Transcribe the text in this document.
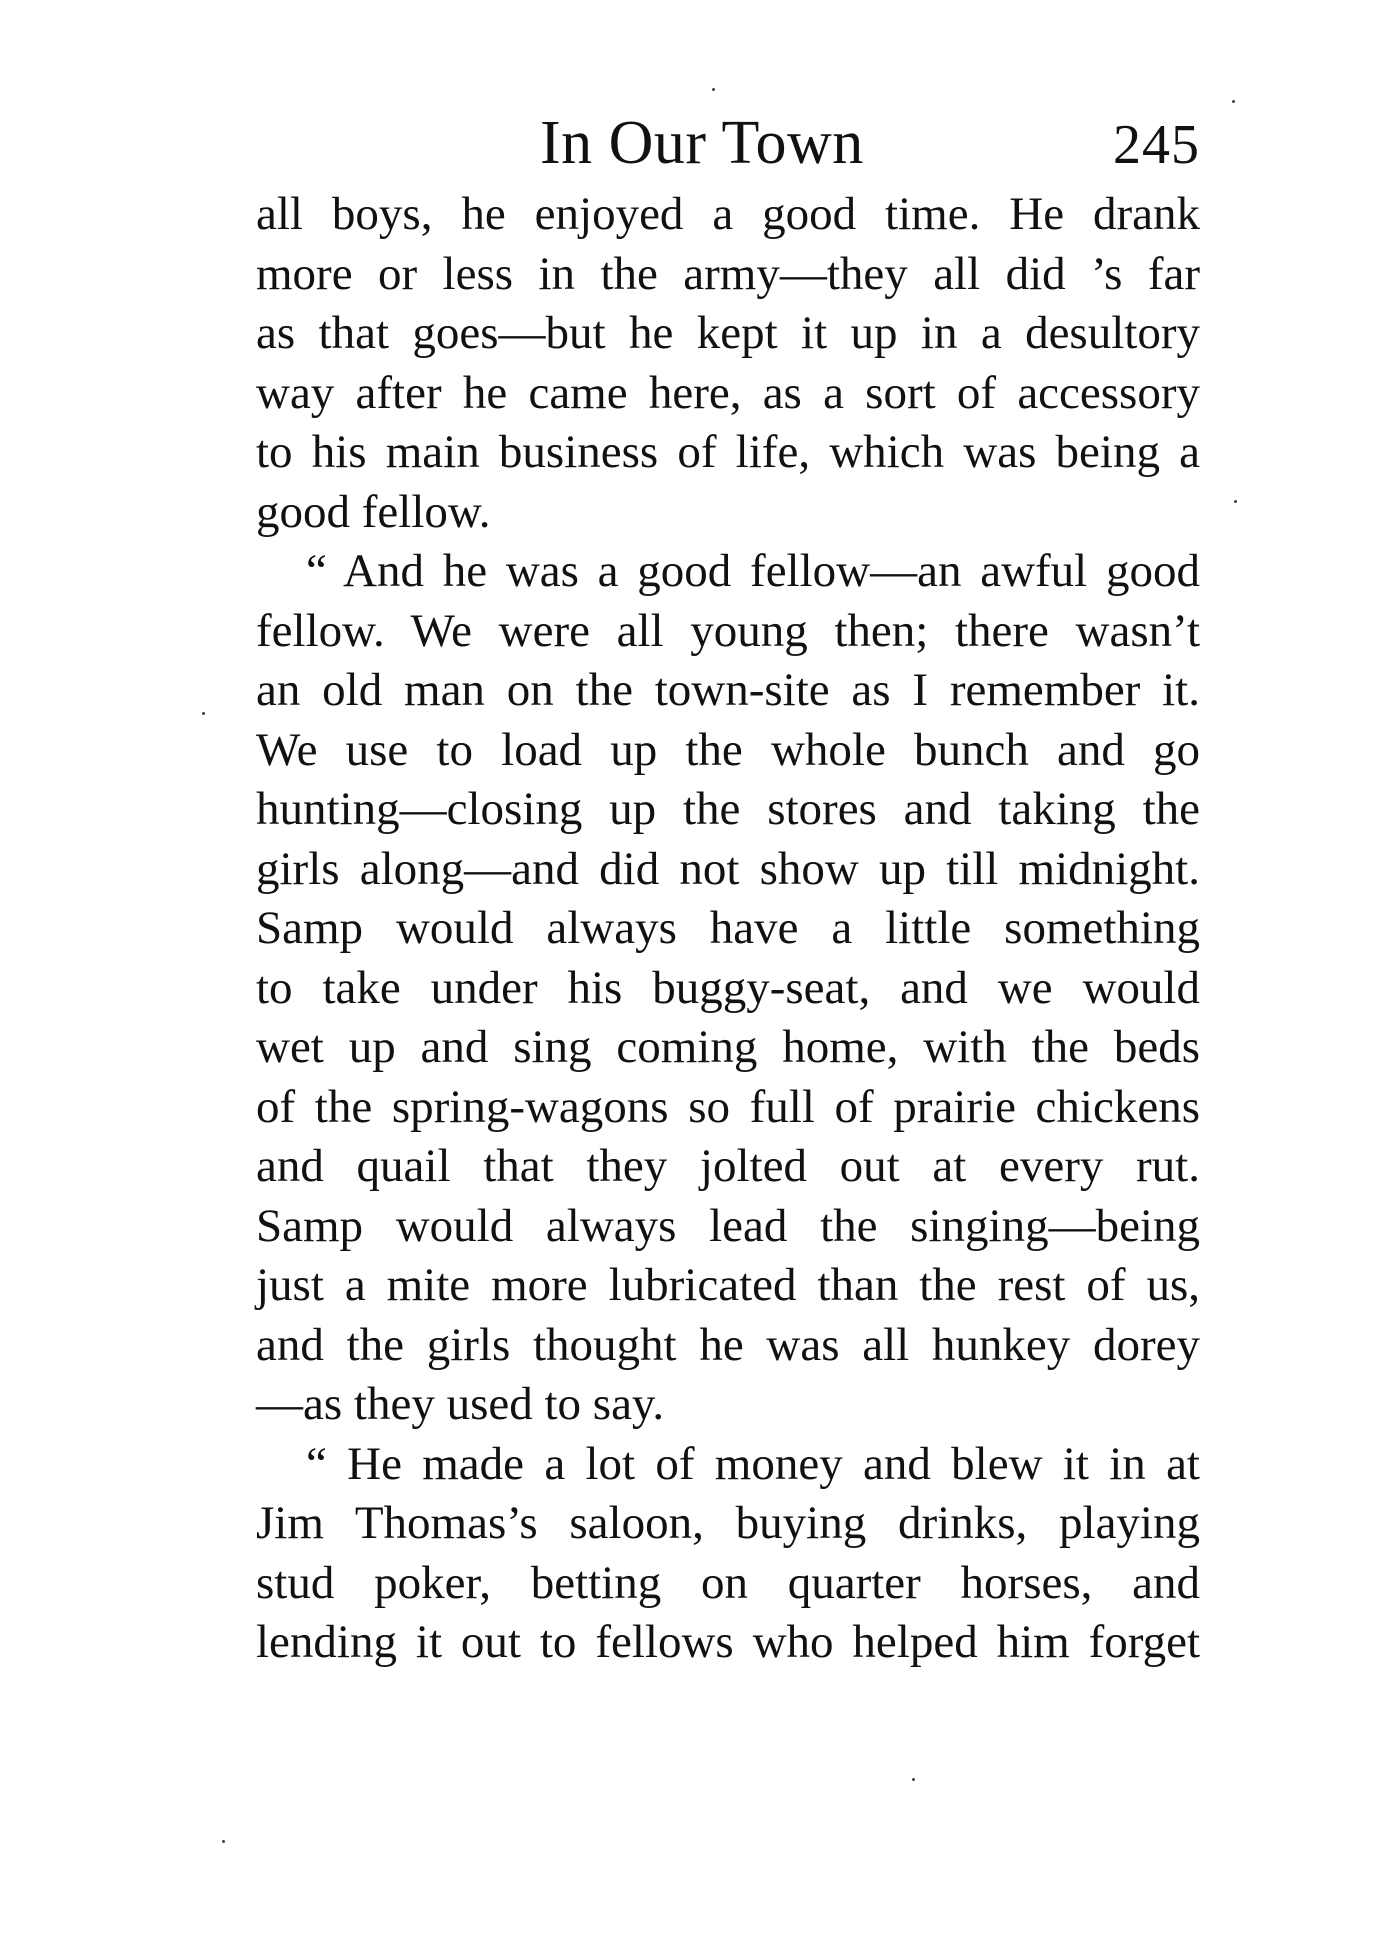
In Our Town	245
all boys, he enjoyed a good time. He drank
more or less in the army—they all did ’s far
as that goes—but he kept it up in a desultory
way after he came here, as a sort of accessory
to his main business of life, which was being a
good fellow.
“ And he was a good fellow—an awful good
fellow. We were all young then; there wasn’t
an old man on the town-site as I remember it.
We use to load up the whole bunch and go
hunting—closing up the stores and taking the
girls along—and did not show up till midnight.
Samp would always have a little something
to take under his buggy-seat, and we would
wet up and sing coming home, with the beds
of the spring-wagons so full of prairie chickens
and quail that they jolted out at every rut.
Samp would always lead the singing—being
just a mite more lubricated than the rest of us,
and the girls thought he was all hunkey dorey
—as they used to say.
“ He made a lot of money and blew it in at
Jim Thomas’s saloon, buying drinks, playing
stud poker, betting on quarter horses, and
lending it out to fellows who helped him forget
